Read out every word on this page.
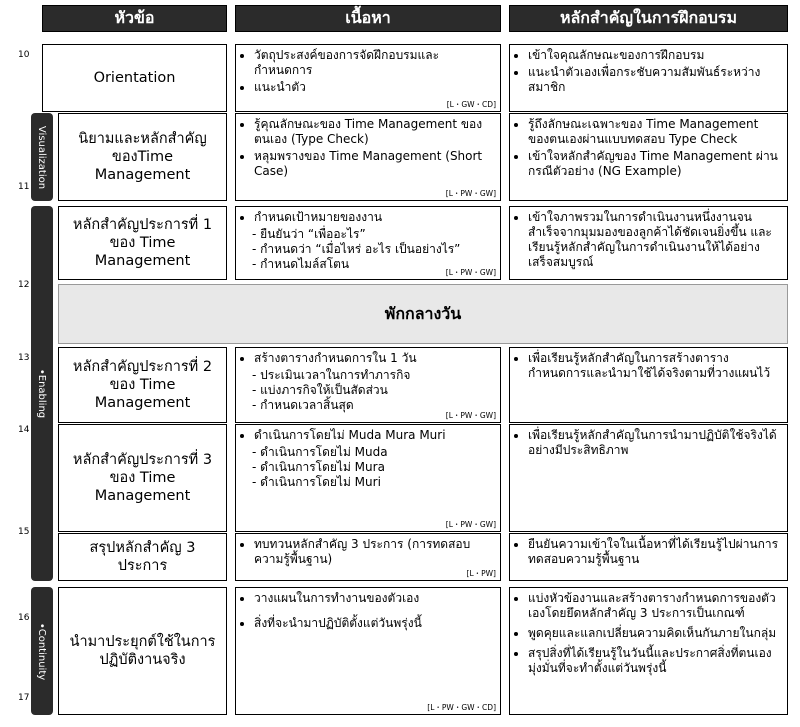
หัวข้อ	เนื้อหา	หลักสำคัญในการฝึกอบรม
10
11
12
13
14
15
16
17
Visualization
•Enabling
•Continuity
Orientation
• วัตถุประสงค์ของการจัดฝึกอบรมและกำหนดการ
• แนะนำตัว
[L・GW・CD]
• เข้าใจคุณลักษณะของการฝึกอบรม
• แนะนำตัวเองเพื่อกระชับความสัมพันธ์ระหว่างสมาชิก
นิยามและหลักสำคัญของTime Management
• รู้คุณลักษณะของ Time Management ของตนเอง (Type Check)
• หลุมพรางของ Time Management (Short Case)
[L・PW・GW]
• รู้ถึงลักษณะเฉพาะของ Time Management ของตนเองผ่านแบบทดสอบ Type Check
• เข้าใจหลักสำคัญของ Time Management ผ่านกรณีตัวอย่าง (NG Example)
หลักสำคัญประการที่ 1 ของ Time Management
• กำหนดเป้าหมายของงาน
- ยืนยันว่า “เพื่ออะไร”
- กำหนดว่า “เมื่อไหร่ อะไร เป็นอย่างไร”
- กำหนดไมล์สโตน
[L・PW・GW]
• เข้าใจภาพรวมในการดำเนินงานหนึ่งงานจนสำเร็จจากมุมมองของลูกค้าได้ชัดเจนยิ่งขึ้น และเรียนรู้หลักสำคัญในการดำเนินงานให้ได้อย่างเสร็จสมบูรณ์
พักกลางวัน
หลักสำคัญประการที่ 2 ของ Time Management
• สร้างตารางกำหนดการใน 1 วัน
- ประเมินเวลาในการทำภารกิจ
- แบ่งภารกิจให้เป็นสัดส่วน
- กำหนดเวลาสิ้นสุด
[L・PW・GW]
• เพื่อเรียนรู้หลักสำคัญในการสร้างตารางกำหนดการและนำมาใช้ได้จริงตามที่วางแผนไว้
หลักสำคัญประการที่ 3 ของ Time Management
• ดำเนินการโดยไม่ Muda Mura Muri
- ดำเนินการโดยไม่ Muda
- ดำเนินการโดยไม่ Mura
- ดำเนินการโดยไม่ Muri
[L・PW・GW]
• เพื่อเรียนรู้หลักสำคัญในการนำมาปฏิบัติใช้จริงได้อย่างมีประสิทธิภาพ
สรุปหลักสำคัญ 3 ประการ
• ทบทวนหลักสำคัญ 3 ประการ (การทดสอบความรู้พื้นฐาน)
[L・PW]
• ยืนยันความเข้าใจในเนื้อหาที่ได้เรียนรู้ไปผ่านการทดสอบความรู้พื้นฐาน
นำมาประยุกต์ใช้ในการปฏิบัติงานจริง
• วางแผนในการทำงานของตัวเอง
• สิ่งที่จะนำมาปฏิบัติตั้งแต่วันพรุ่งนี้
[L・PW・GW・CD]
• แบ่งหัวข้องานและสร้างตารางกำหนดการของตัวเองโดยยึดหลักสำคัญ 3 ประการเป็นเกณฑ์
• พูดคุยและแลกเปลี่ยนความคิดเห็นกันภายในกลุ่ม
• สรุปสิ่งที่ได้เรียนรู้ในวันนี้และประกาศสิ่งที่ตนเองมุ่งมั่นที่จะทำตั้งแต่วันพรุ่งนี้
